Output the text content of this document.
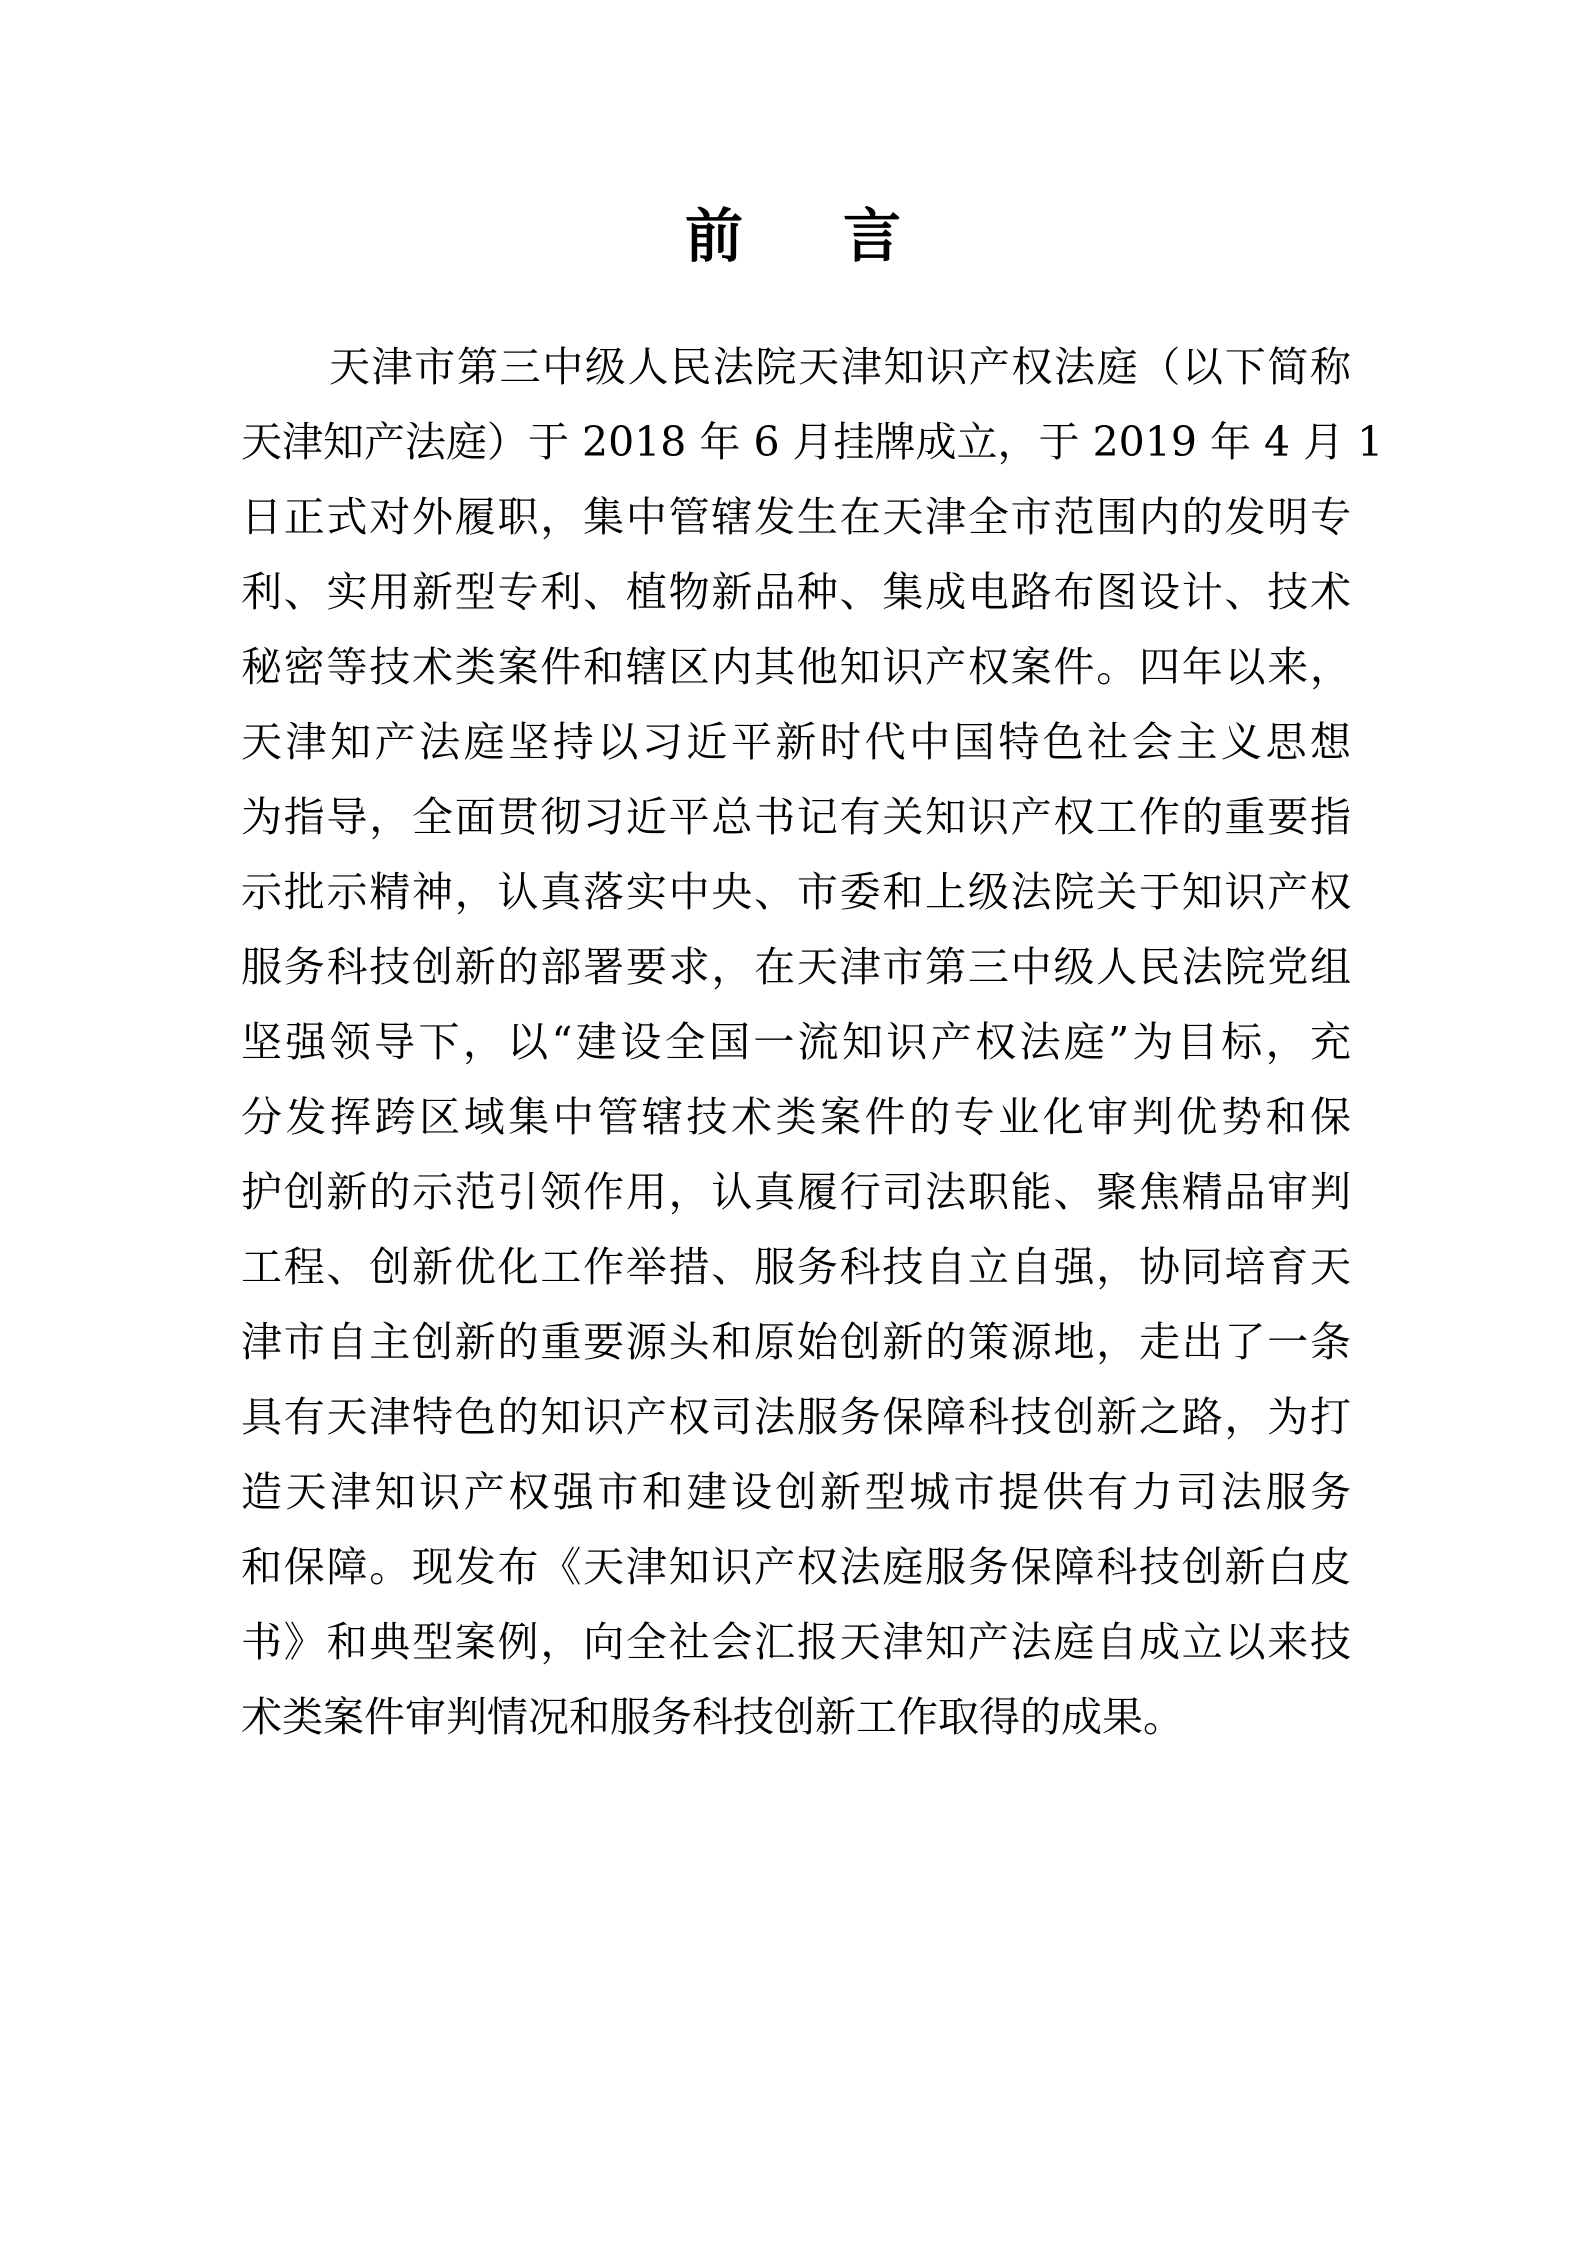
前 言
天津市第三中级人民法院天津知识产权法庭（以下简称
天津知产法庭）于 2018 年 6 月挂牌成立，于 2019 年 4 月 1
日正式对外履职，集中管辖发生在天津全市范围内的发明专
利、实用新型专利、植物新品种、集成电路布图设计、技术
秘密等技术类案件和辖区内其他知识产权案件。四年以来，
天津知产法庭坚持以习近平新时代中国特色社会主义思想
为指导，全面贯彻习近平总书记有关知识产权工作的重要指
示批示精神，认真落实中央、市委和上级法院关于知识产权
服务科技创新的部署要求，在天津市第三中级人民法院党组
坚强领导下，以“建设全国一流知识产权法庭”为目标，充
分发挥跨区域集中管辖技术类案件的专业化审判优势和保
护创新的示范引领作用，认真履行司法职能、聚焦精品审判
工程、创新优化工作举措、服务科技自立自强，协同培育天
津市自主创新的重要源头和原始创新的策源地，走出了一条
具有天津特色的知识产权司法服务保障科技创新之路，为打
造天津知识产权强市和建设创新型城市提供有力司法服务
和保障。现发布《天津知识产权法庭服务保障科技创新白皮
书》和典型案例，向全社会汇报天津知产法庭自成立以来技
术类案件审判情况和服务科技创新工作取得的成果。
